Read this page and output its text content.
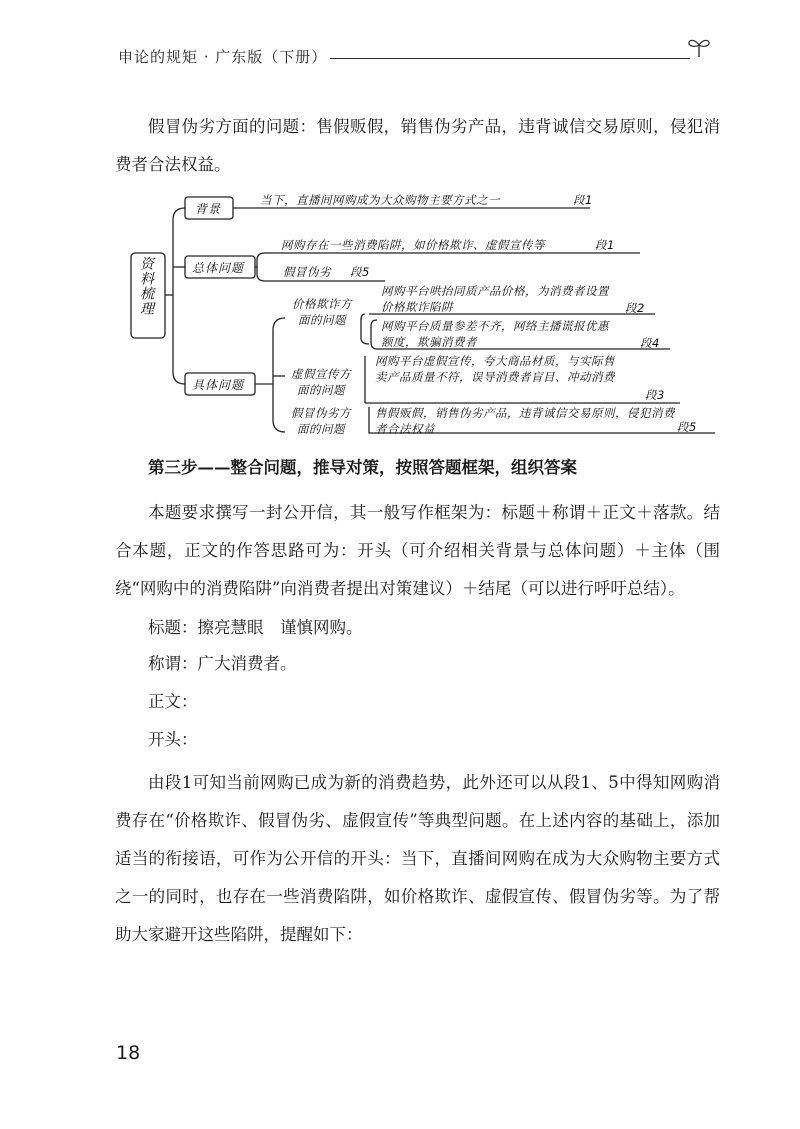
申论的规矩 · 广东版（下册）

假冒伪劣方面的问题：售假贩假，销售伪劣产品，违背诚信交易原则，侵犯消费者合法权益。

资料梳理
背景
当下，直播间网购成为大众购物主要方式之一	段1
总体问题
网购存在一些消费陷阱，如价格欺诈、虚假宣传等	段1
假冒伪劣 段5
具体问题
价格欺诈方面的问题
网购平台哄抬同质产品价格，为消费者设置价格欺诈陷阱	段2
网购平台质量参差不齐，网络主播谎报优惠额度，欺骗消费者	段4
虚假宣传方面的问题
网购平台虚假宣传，夸大商品材质，与实际售卖产品质量不符，误导消费者盲目、冲动消费
段3
假冒伪劣方面的问题
售假贩假，销售伪劣产品，违背诚信交易原则，侵犯消费者合法权益	段5

第三步——整合问题，推导对策，按照答题框架，组织答案

本题要求撰写一封公开信，其一般写作框架为：标题＋称谓＋正文＋落款。结合本题，正文的作答思路可为：开头（可介绍相关背景与总体问题）＋主体（围绕“网购中的消费陷阱”向消费者提出对策建议）＋结尾（可以进行呼吁总结）。

标题：擦亮慧眼　谨慎网购。

称谓：广大消费者。

正文：

开头：

由段1可知当前网购已成为新的消费趋势，此外还可以从段1、5中得知网购消费存在“价格欺诈、假冒伪劣、虚假宣传”等典型问题。在上述内容的基础上，添加适当的衔接语，可作为公开信的开头：当下，直播间网购在成为大众购物主要方式之一的同时，也存在一些消费陷阱，如价格欺诈、虚假宣传、假冒伪劣等。为了帮助大家避开这些陷阱，提醒如下：

18
